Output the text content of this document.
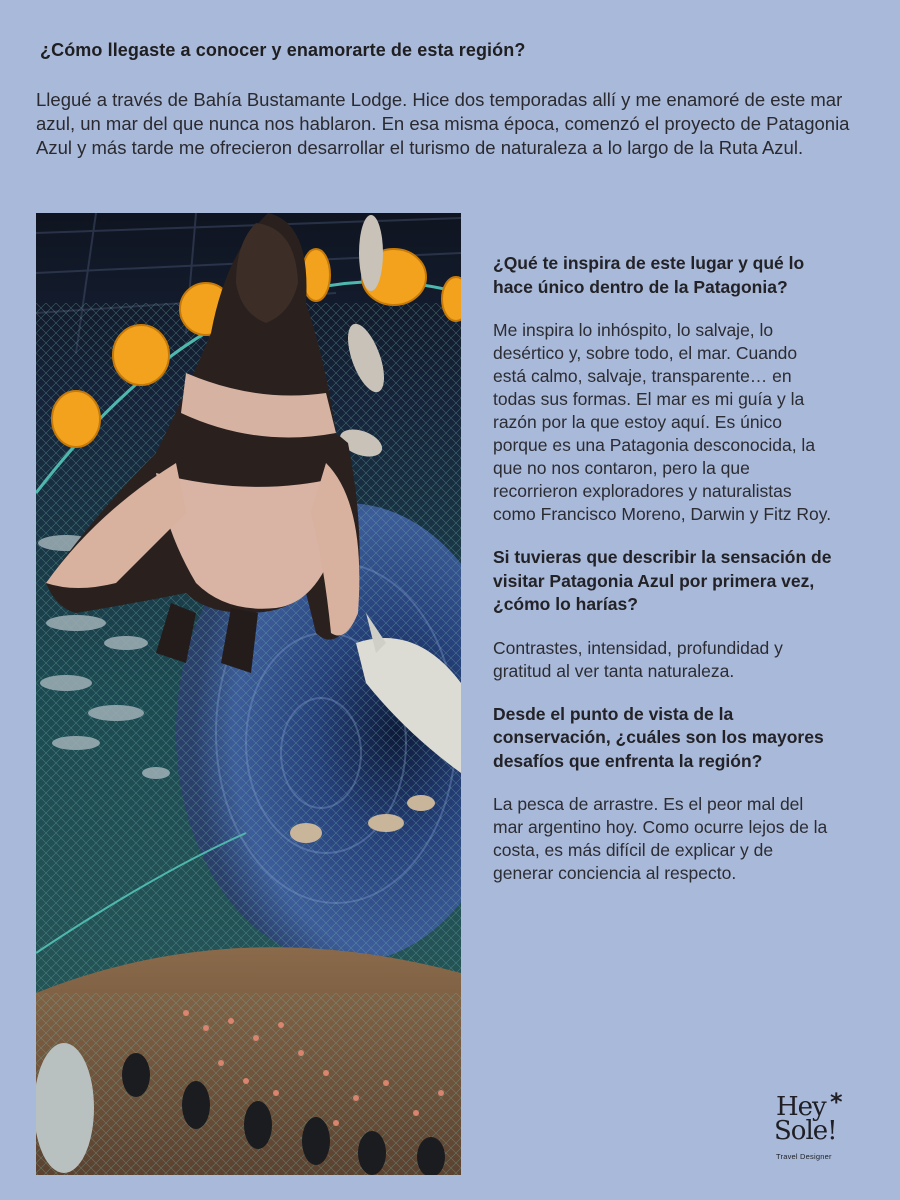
¿Cómo llegaste a conocer y enamorarte de esta región?
Llegué a través de Bahía Bustamante Lodge. Hice dos temporadas allí y me enamoré de este mar azul, un mar del que nunca nos hablaron. En esa misma época, comenzó el proyecto de Patagonia Azul y más tarde me ofrecieron desarrollar el turismo de naturaleza a lo largo de la Ruta Azul.
¿Qué te inspira de este lugar y qué lo hace único dentro de la Patagonia?
Me inspira lo inhóspito, lo salvaje, lo desértico y, sobre todo, el mar. Cuando está calmo, salvaje, transparente… en todas sus formas. El mar es mi guía y la razón por la que estoy aquí. Es único porque es una Patagonia desconocida, la que no nos contaron, pero la que recorrieron exploradores y naturalistas como Francisco Moreno, Darwin y Fitz Roy.
Si tuvieras que describir la sensación de visitar Patagonia Azul por primera vez, ¿cómo lo harías?
Contrastes, intensidad, profundidad y gratitud al ver tanta naturaleza.
Desde el punto de vista de la conservación, ¿cuáles son los mayores desafíos que enfrenta la región?
La pesca de arrastre. Es el peor mal del mar argentino hoy. Como ocurre lejos de la costa, es más difícil de explicar y de generar conciencia al respecto.
Hey
Sole!
*
Travel Designer
